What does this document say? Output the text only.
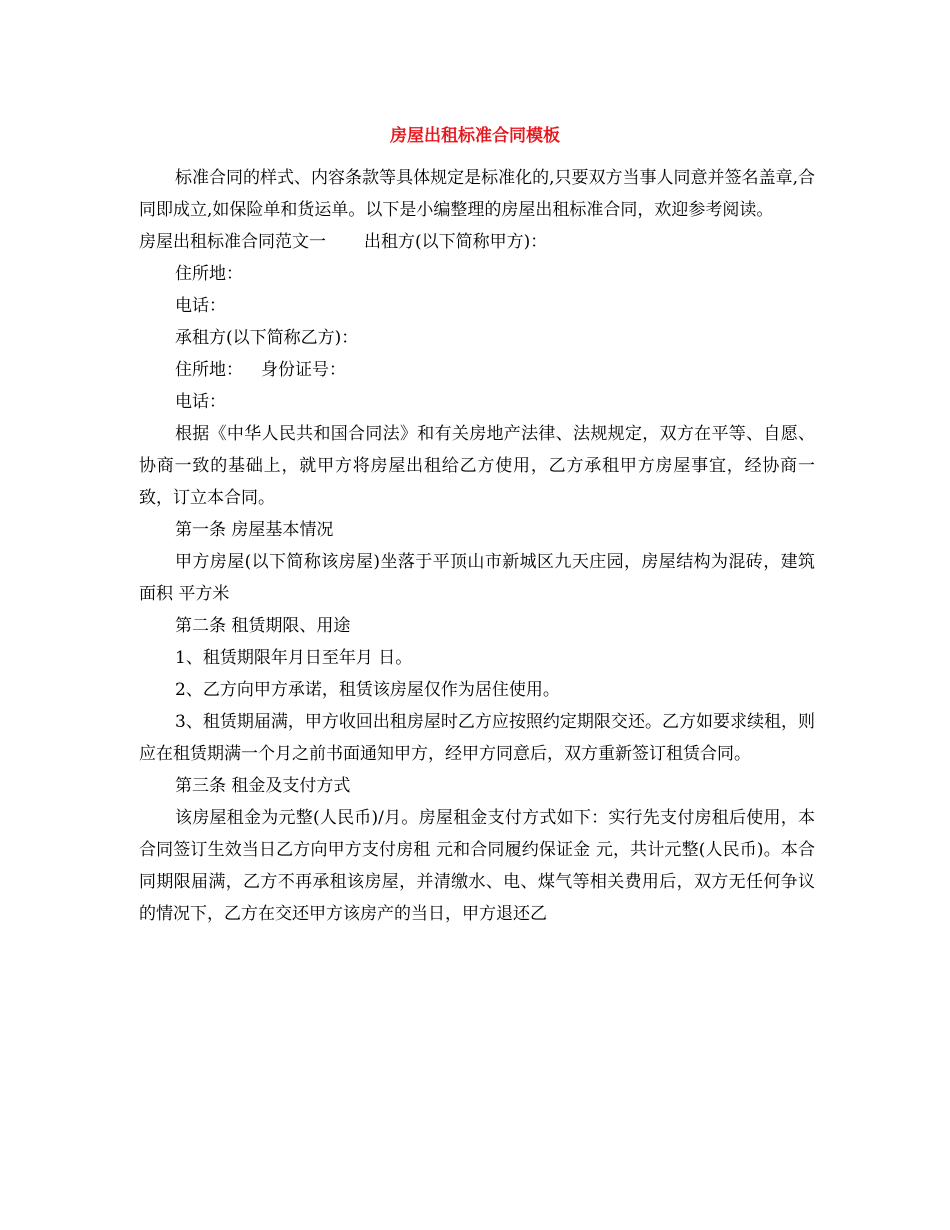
房屋出租标准合同模板

标准合同的样式、内容条款等具体规定是标准化的,只要双方当事人同意并签名盖章,合同即成立,如保险单和货运单。以下是小编整理的房屋出租标准合同，欢迎参考阅读。

房屋出租标准合同范文一 出租方(以下简称甲方)：

住所地：

电话：

承租方(以下简称乙方)：

住所地： 身份证号：

电话：

根据《中华人民共和国合同法》和有关房地产法律、法规规定，双方在平等、自愿、协商一致的基础上，就甲方将房屋出租给乙方使用，乙方承租甲方房屋事宜，经协商一致，订立本合同。

第一条 房屋基本情况

甲方房屋(以下简称该房屋)坐落于平顶山市新城区九天庄园，房屋结构为混砖，建筑面积 平方米

第二条 租赁期限、用途

1、租赁期限年月日至年月 日。

2、乙方向甲方承诺，租赁该房屋仅作为居住使用。

3、租赁期届满，甲方收回出租房屋时乙方应按照约定期限交还。乙方如要求续租，则应在租赁期满一个月之前书面通知甲方，经甲方同意后，双方重新签订租赁合同。

第三条 租金及支付方式

该房屋租金为元整(人民币)/月。房屋租金支付方式如下：实行先支付房租后使用，本合同签订生效当日乙方向甲方支付房租 元和合同履约保证金 元，共计元整(人民币)。本合同期限届满，乙方不再承租该房屋，并清缴水、电、煤气等相关费用后，双方无任何争议的情况下，乙方在交还甲方该房产的当日，甲方退还乙
